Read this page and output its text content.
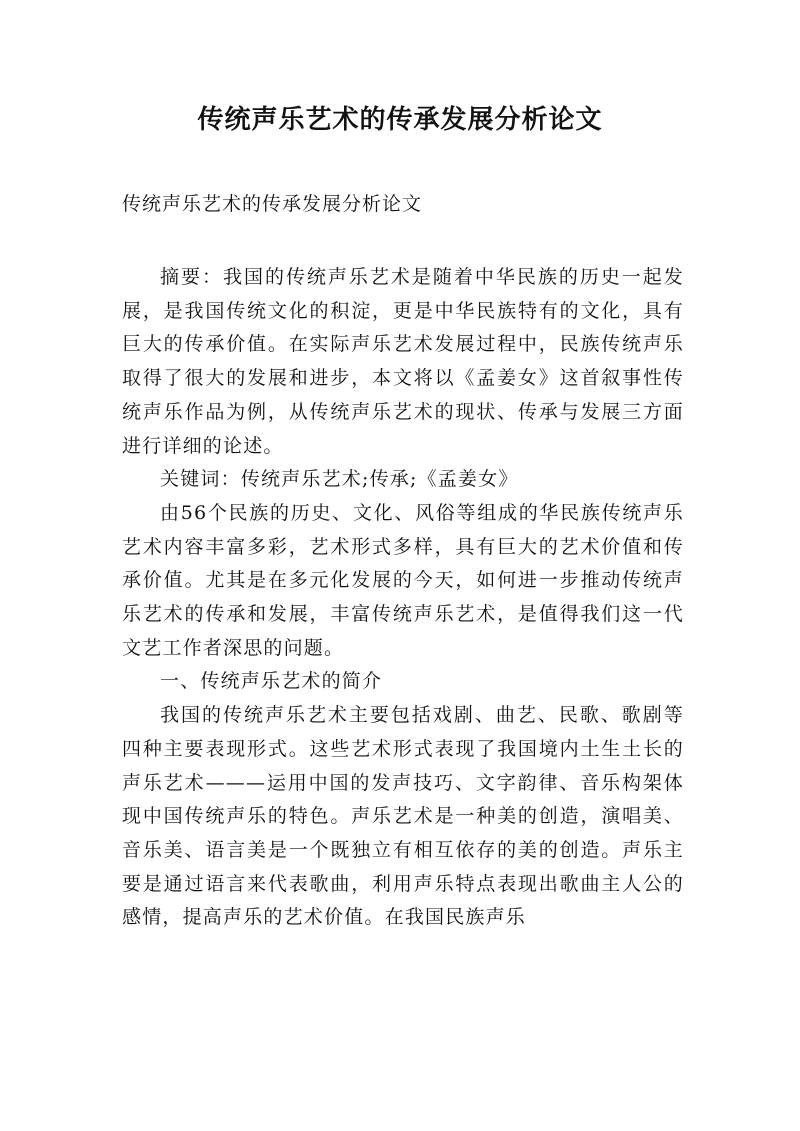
传统声乐艺术的传承发展分析论文
传统声乐艺术的传承发展分析论文

摘要：我国的传统声乐艺术是随着中华民族的历史一起发展，是我国传统文化的积淀，更是中华民族特有的文化，具有巨大的传承价值。在实际声乐艺术发展过程中，民族传统声乐取得了很大的发展和进步，本文将以《孟姜女》这首叙事性传统声乐作品为例，从传统声乐艺术的现状、传承与发展三方面进行详细的论述。

关键词：传统声乐艺术;传承;《孟姜女》

由56个民族的历史、文化、风俗等组成的华民族传统声乐艺术内容丰富多彩，艺术形式多样，具有巨大的艺术价值和传承价值。尤其是在多元化发展的今天，如何进一步推动传统声乐艺术的传承和发展，丰富传统声乐艺术，是值得我们这一代文艺工作者深思的问题。

一、传统声乐艺术的简介

我国的传统声乐艺术主要包括戏剧、曲艺、民歌、歌剧等四种主要表现形式。这些艺术形式表现了我国境内土生土长的声乐艺术———运用中国的发声技巧、文字韵律、音乐构架体现中国传统声乐的特色。声乐艺术是一种美的创造，演唱美、音乐美、语言美是一个既独立有相互依存的美的创造。声乐主要是通过语言来代表歌曲，利用声乐特点表现出歌曲主人公的感情，提高声乐的艺术价值。在我国民族声乐
